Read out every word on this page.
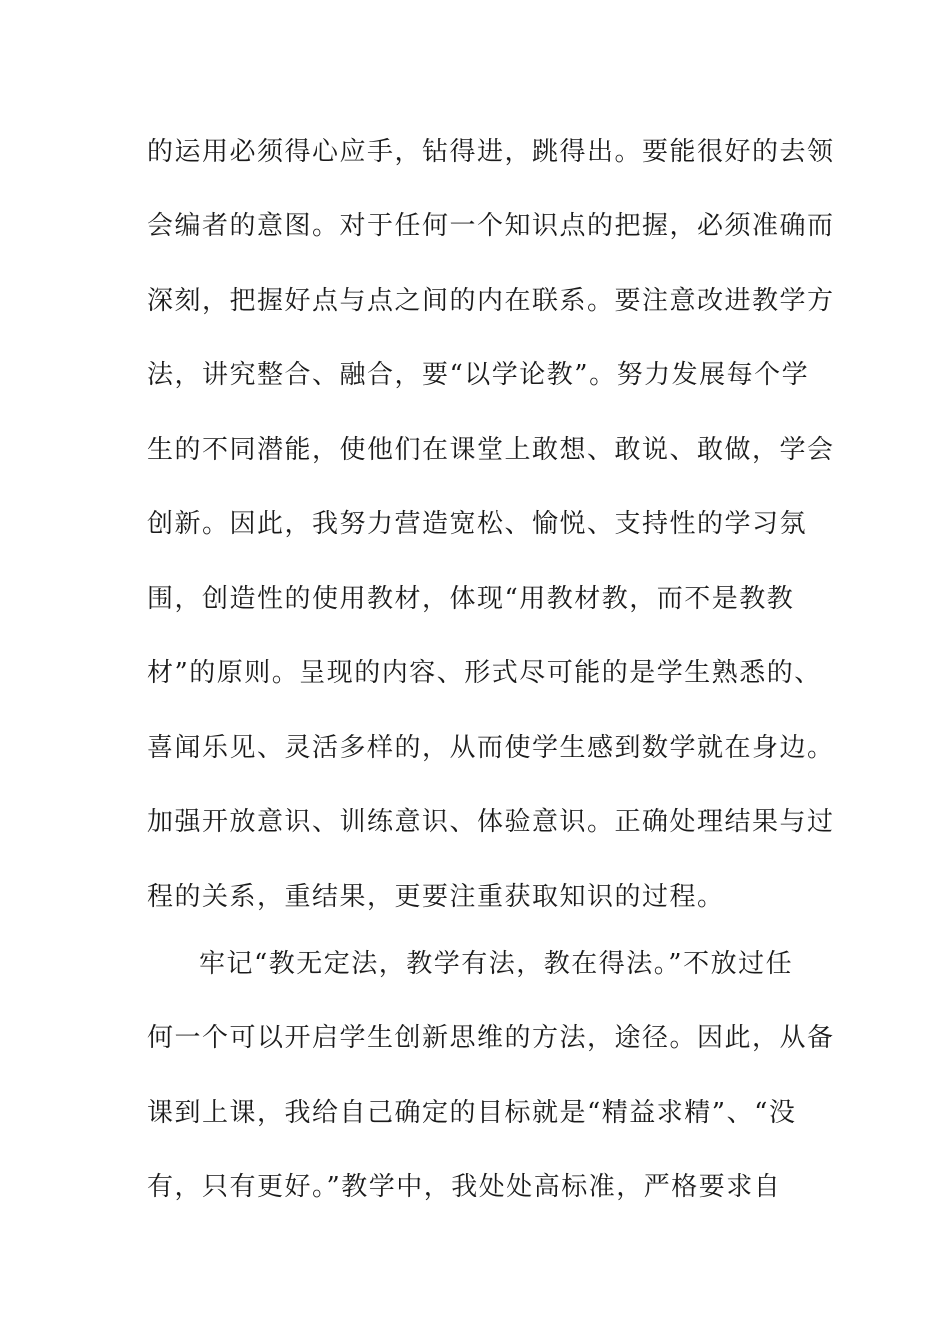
的运用必须得心应手，钻得进，跳得出。要能很好的去领
会编者的意图。对于任何一个知识点的把握，必须准确而
深刻，把握好点与点之间的内在联系。要注意改进教学方
法，讲究整合、融合，要“以学论教”。努力发展每个学
生的不同潜能，使他们在课堂上敢想、敢说、敢做，学会
创新。因此，我努力营造宽松、愉悦、支持性的学习氛
围，创造性的使用教材，体现“用教材教，而不是教教
材”的原则。呈现的内容、形式尽可能的是学生熟悉的、
喜闻乐见、灵活多样的，从而使学生感到数学就在身边。
加强开放意识、训练意识、体验意识。正确处理结果与过
程的关系，重结果，更要注重获取知识的过程。
牢记“教无定法，教学有法，教在得法。”不放过任
何一个可以开启学生创新思维的方法，途径。因此，从备
课到上课，我给自己确定的目标就是“精益求精”、“没
有，只有更好。”教学中，我处处高标准，严格要求自
